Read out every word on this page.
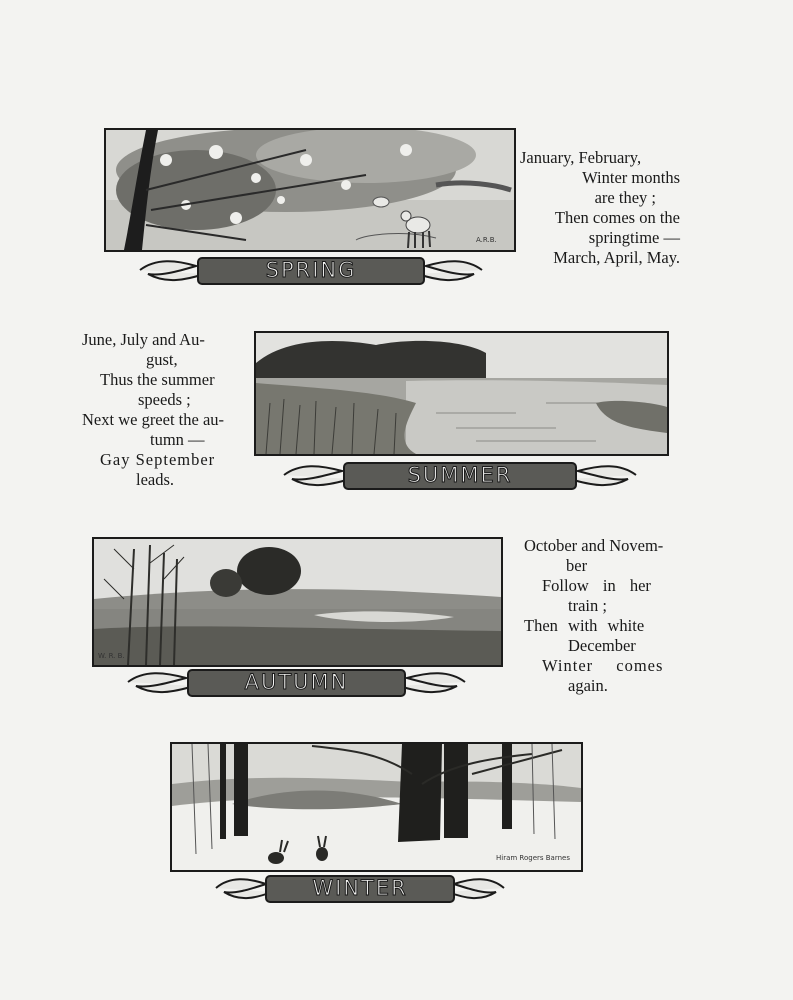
A.R.B.
SPRING
January, February,
Winter months
are they ;
Then comes on the
springtime —
March, April, May.
June, July and Au-
gust,
Thus the summer
speeds ;
Next we greet the au-
tumn —
Gay September
leads.	SUMMER
W. R. B.
AUTUMN
October and Novem-
ber
Follow in her
train ;
Then with white
December
Winter comes
again.
Hiram Rogers Barnes
WINTER
